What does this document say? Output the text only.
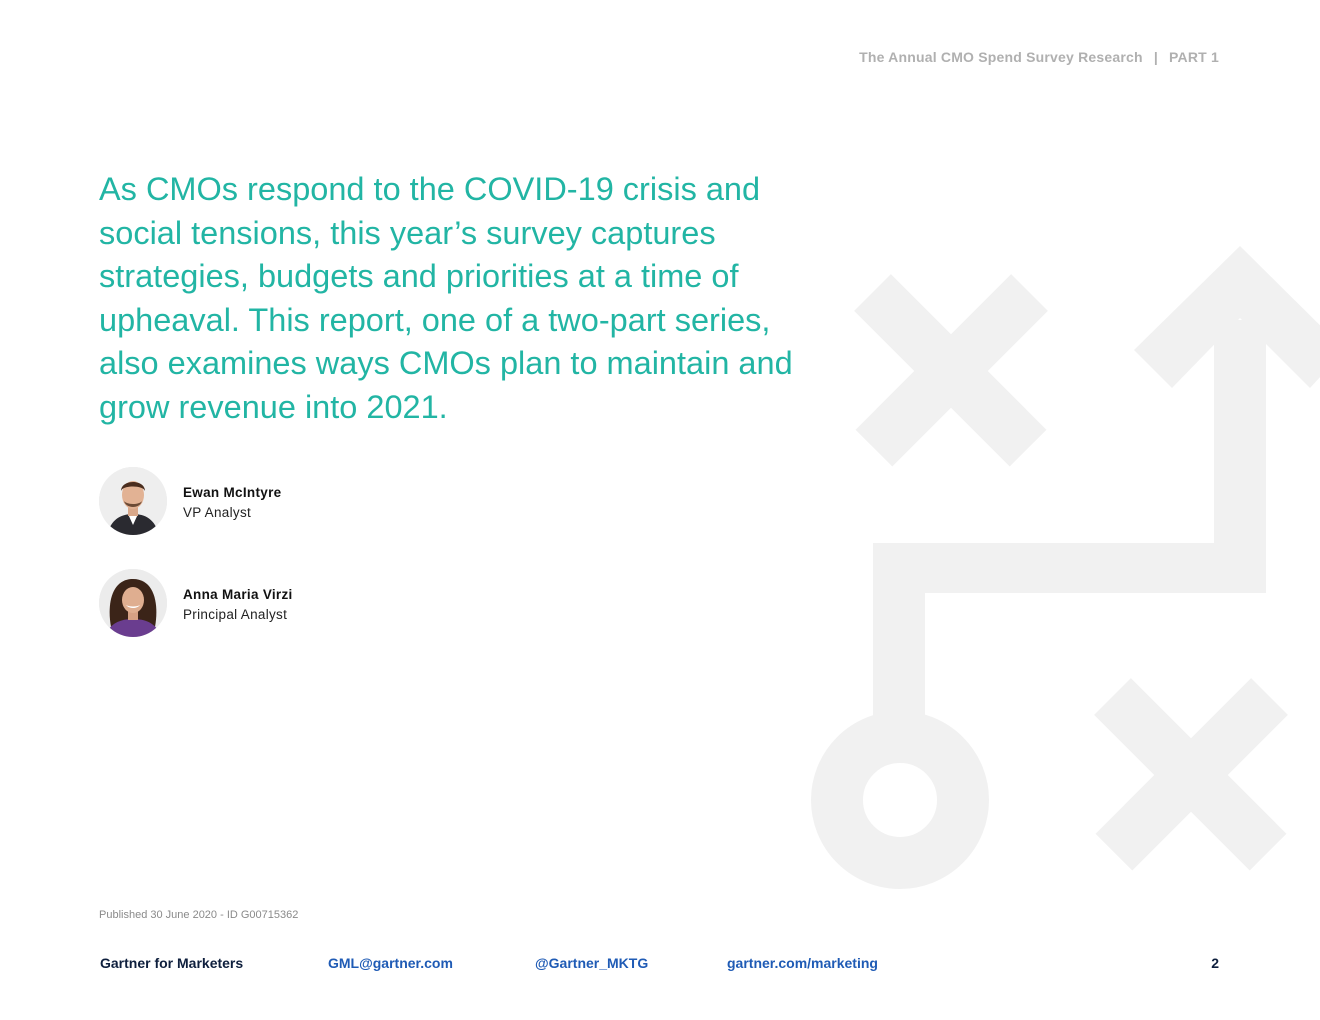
The Annual CMO Spend Survey Research | PART 1

As CMOs respond to the COVID-19 crisis and social tensions, this year’s survey captures strategies, budgets and priorities at a time of upheaval. This report, one of a two-part series, also examines ways CMOs plan to maintain and grow revenue into 2021.

Ewan McIntyre
VP Analyst
Anna Maria Virzi
Principal Analyst
Published 30 June 2020 - ID G00715362
Gartner for Marketers	GML@gartner.com	@Gartner_MKTG	gartner.com/marketing	2
